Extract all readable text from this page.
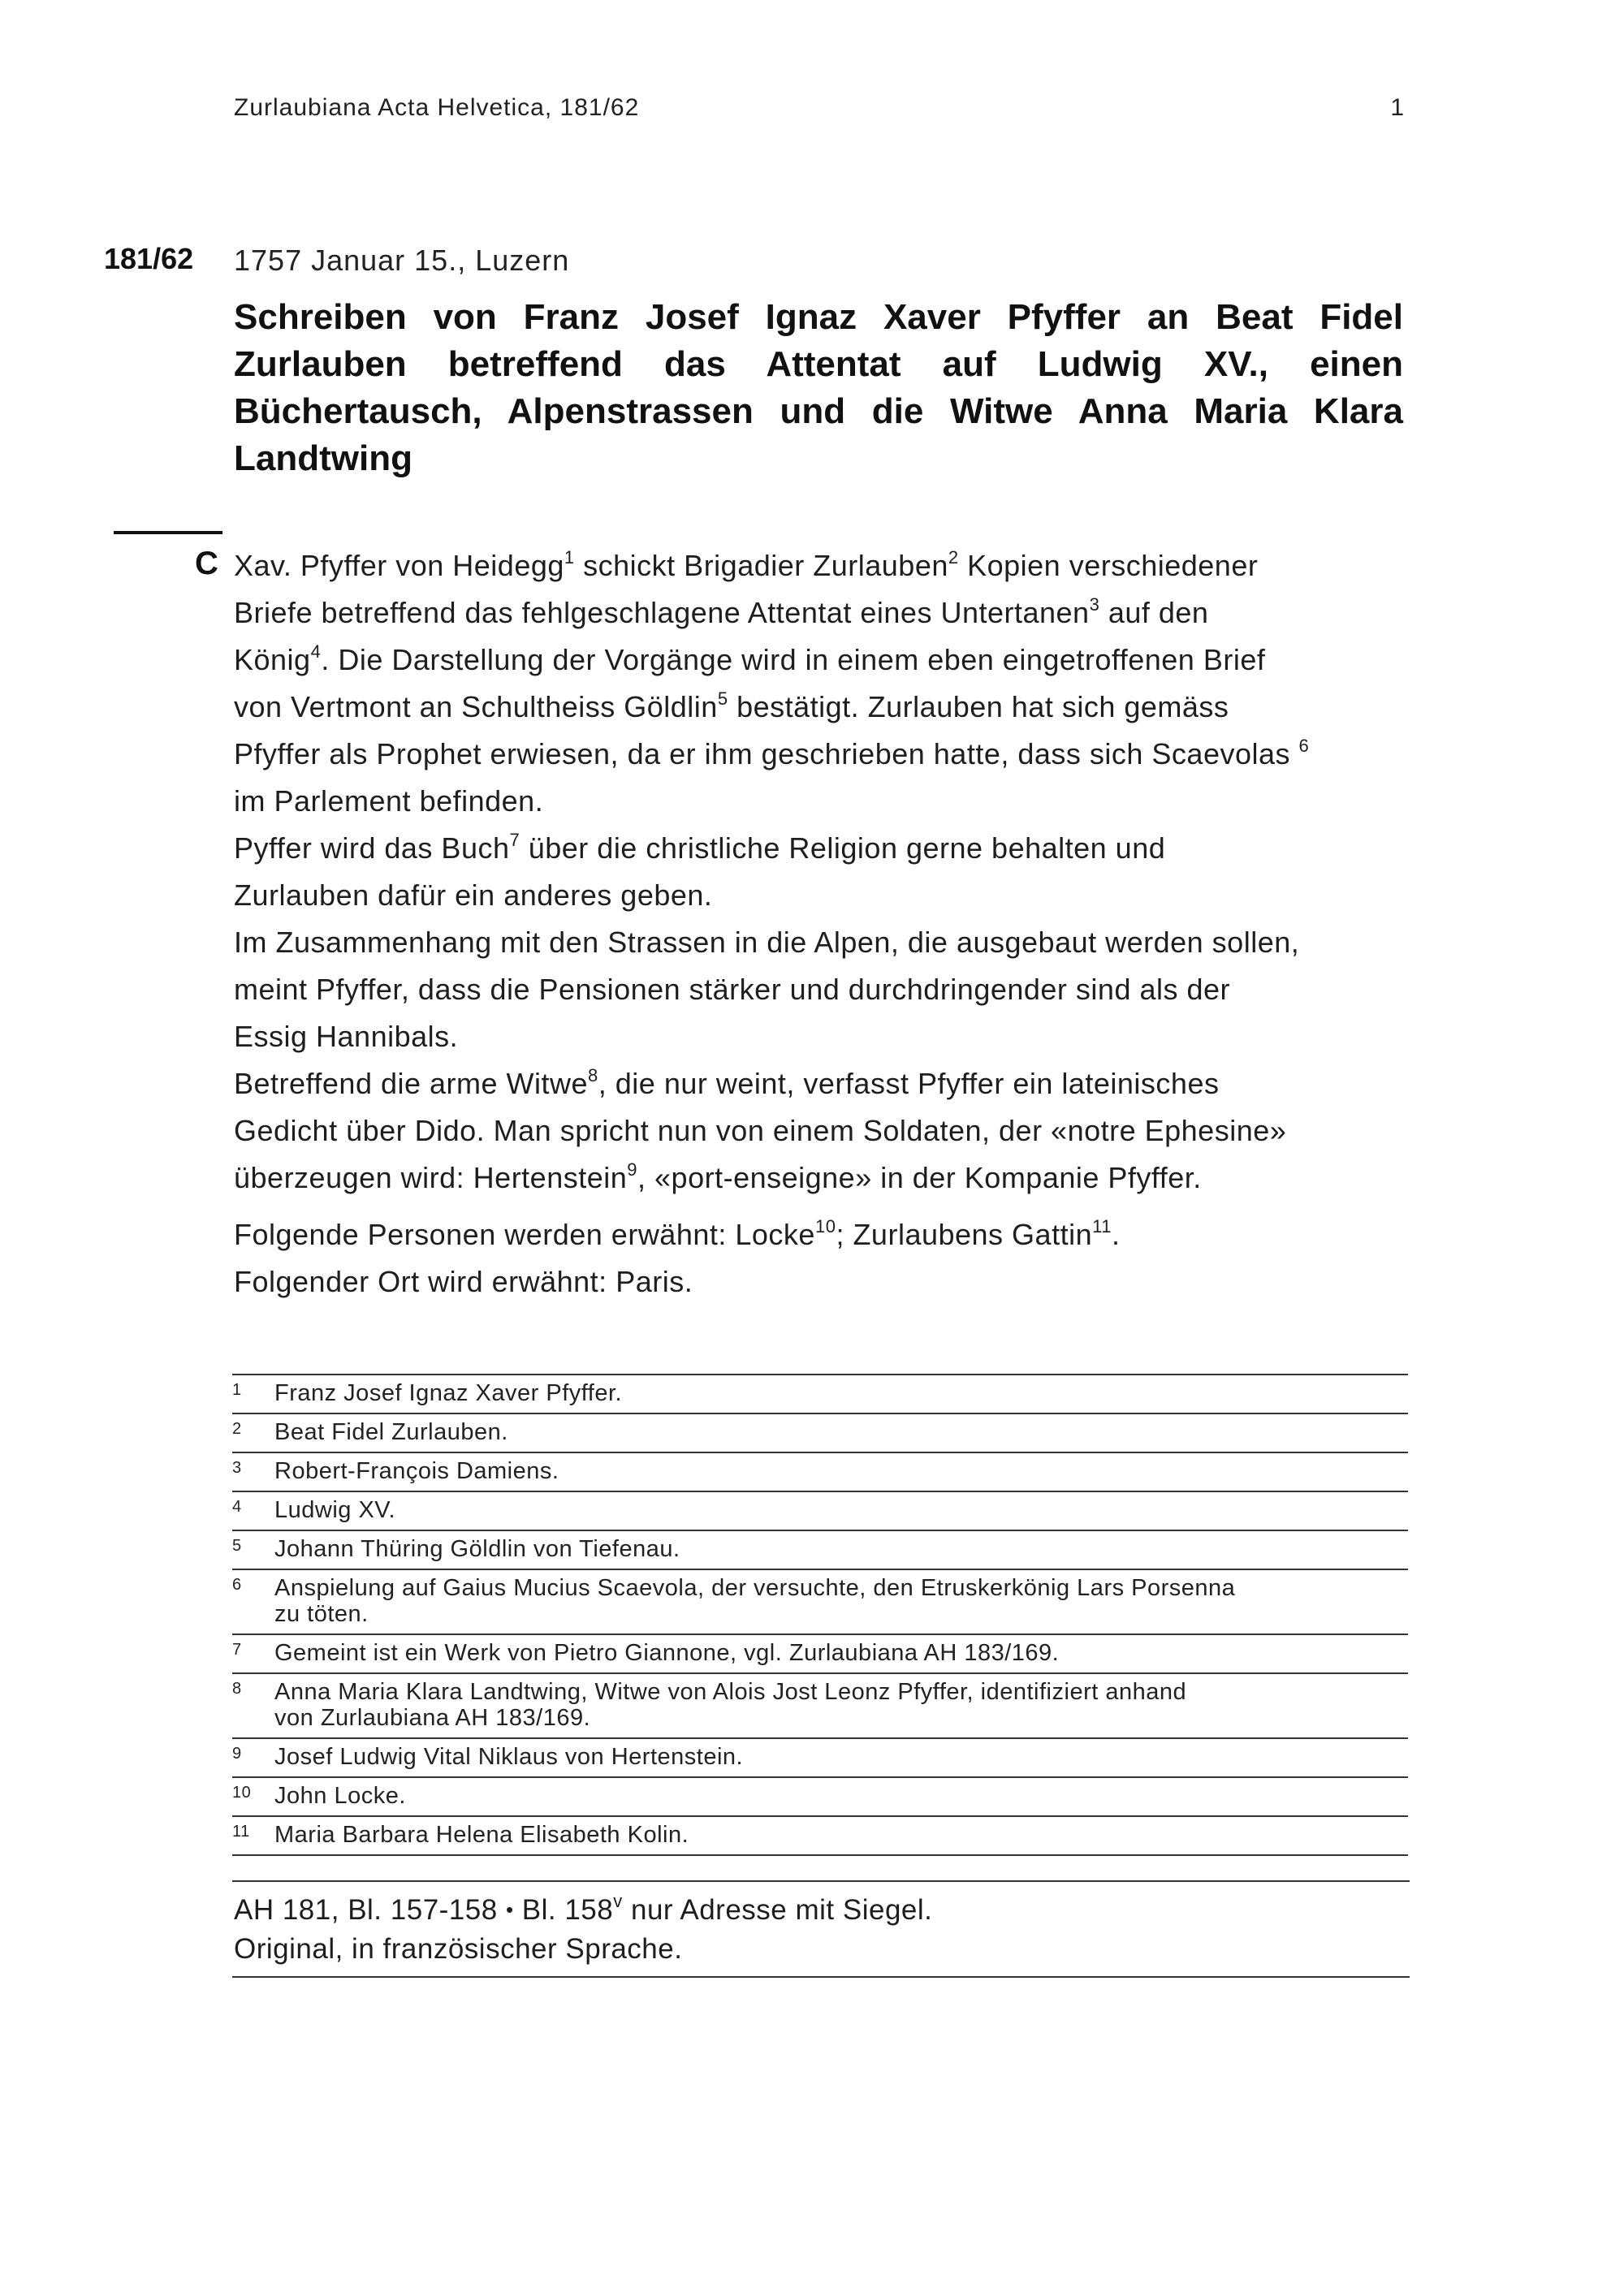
Zurlaubiana Acta Helvetica, 181/62	1
181/62 1757 Januar 15., Luzern
Schreiben von Franz Josef Ignaz Xaver Pfyffer an Beat Fidel
Zurlauben betreffend das Attentat auf Ludwig XV., einen
Büchertausch, Alpenstrassen und die Witwe Anna Maria Klara
Landtwing
C Xav. Pfyffer von Heidegg$^1$ schickt Brigadier Zurlauben$^2$ Kopien verschiedener
Briefe betreffend das fehlgeschlagene Attentat eines Untertanen$^3$ auf den
König$^4$. Die Darstellung der Vorgänge wird in einem eben eingetroffenen Brief
von Vertmont an Schultheiss Göldlin$^5$ bestätigt. Zurlauben hat sich gemäss
Pfyffer als Prophet erwiesen, da er ihm geschrieben hatte, dass sich Scaevolas $^6$
im Parlement befinden.
Pyffer wird das Buch$^7$ über die christliche Religion gerne behalten und
Zurlauben dafür ein anderes geben.
Im Zusammenhang mit den Strassen in die Alpen, die ausgebaut werden sollen,
meint Pfyffer, dass die Pensionen stärker und durchdringender sind als der
Essig Hannibals.
Betreffend die arme Witwe$^8$, die nur weint, verfasst Pfyffer ein lateinisches
Gedicht über Dido. Man spricht nun von einem Soldaten, der «notre Ephesine»
überzeugen wird: Hertenstein$^9$, «port-enseigne» in der Kompanie Pfyffer.
Folgende Personen werden erwähnt: Locke$^{10}$; Zurlaubens Gattin$^{11}$.
Folgender Ort wird erwähnt: Paris.
1 Franz Josef Ignaz Xaver Pfyffer.
2 Beat Fidel Zurlauben.
3 Robert-François Damiens.
4 Ludwig XV.
5 Johann Thüring Göldlin von Tiefenau.
6 Anspielung auf Gaius Mucius Scaevola, der versuchte, den Etruskerkönig Lars Porsenna
zu töten.
7 Gemeint ist ein Werk von Pietro Giannone, vgl. Zurlaubiana AH 183/169.
8 Anna Maria Klara Landtwing, Witwe von Alois Jost Leonz Pfyffer, identifiziert anhand
von Zurlaubiana AH 183/169.
9 Josef Ludwig Vital Niklaus von Hertenstein.
10 John Locke.
11 Maria Barbara Helena Elisabeth Kolin.
AH 181, Bl. 157-158 • Bl. 158$^v$ nur Adresse mit Siegel.
Original, in französischer Sprache.
